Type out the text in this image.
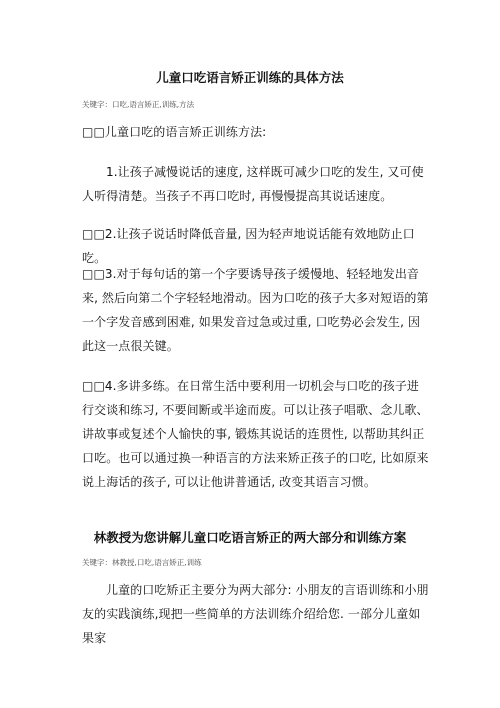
儿童口吃语言矫正训练的具体方法
关键字：口吃,语言矫正,训练,方法
□□儿童口吃的语言矫正训练方法:
1.让孩子减慢说话的速度, 这样既可减少口吃的发生, 又可使人听得清楚。当孩子不再口吃时, 再慢慢提高其说话速度。
□□2.让孩子说话时降低音量, 因为轻声地说话能有效地防止口吃。
□□3.对于每句话的第一个字要诱导孩子缓慢地、轻轻地发出音来, 然后向第二个字轻轻地滑动。因为口吃的孩子大多对短语的第一个字发音感到困难, 如果发音过急或过重, 口吃势必会发生, 因此这一点很关键。
□□4.多讲多练。在日常生活中要利用一切机会与口吃的孩子进行交谈和练习, 不要间断或半途而废。可以让孩子唱歌、念儿歌、讲故事或复述个人愉快的事, 锻炼其说话的连贯性, 以帮助其纠正口吃。也可以通过换一种语言的方法来矫正孩子的口吃, 比如原来说上海话的孩子, 可以让他讲普通话, 改变其语言习惯。
林教授为您讲解儿童口吃语言矫正的两大部分和训练方案
关键字：林教授,口吃,语言矫正,训练
儿童的口吃矫正主要分为两大部分: 小朋友的言语训练和小朋友的实践演练,现把一些简单的方法训练介绍给您. 一部分儿童如果家
